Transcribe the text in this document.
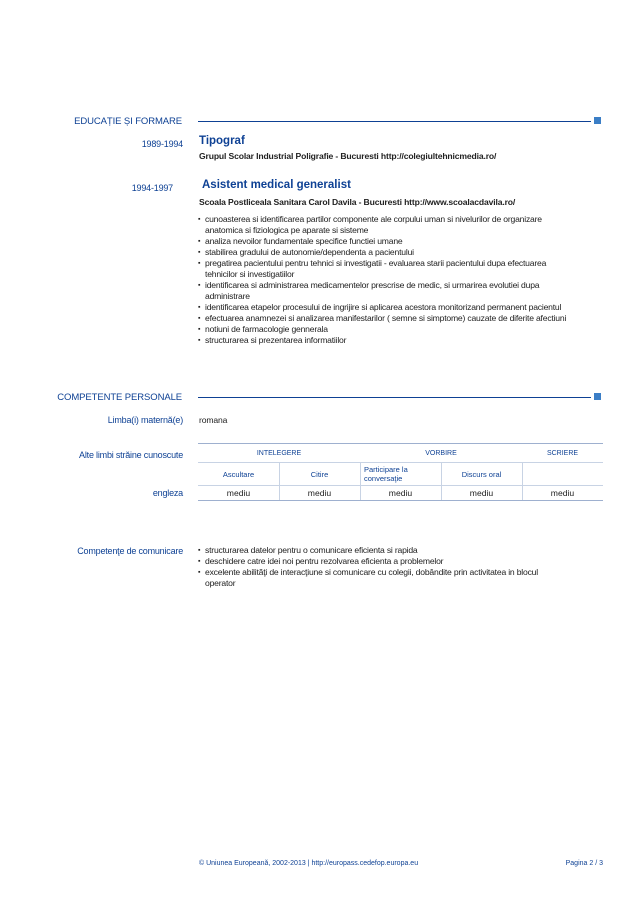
EDUCAȚIE ȘI FORMARE
1989-1994 Tipograf
Grupul Scolar Industrial Poligrafie - Bucuresti http://colegiultehnicmedia.ro/
1994-1997	Asistent medical generalist
Scoala Postliceala Sanitara Carol Davila - Bucuresti http://www.scoalacdavila.ro/
▪ cunoasterea si identificarea partilor componente ale corpului uman si nivelurilor de organizare
anatomica si fiziologica pe aparate si sisteme
▪ analiza nevoilor fundamentale specifice functiei umane
▪ stabilirea gradului de autonomie/dependenta a pacientului
▪ pregatirea pacientului pentru tehnici si investigatii - evaluarea starii pacientului dupa efectuarea
tehnicilor si investigatiilor
▪ identificarea si administrarea medicamentelor prescrise de medic, si urmarirea evolutiei dupa
administrare
▪ identificarea etapelor procesului de ingrijire si aplicarea acestora monitorizand permanent pacientul
▪ efectuarea anamnezei si analizarea manifestarilor ( semne si simptome) cauzate de diferite afectiuni
▪ notiuni de farmacologie gennerala
▪ structurarea si prezentarea informatiilor
COMPETENTE PERSONALE
Limba(i) maternă(e) romana
Alte limbi străine cunoscute	INTELEGERE	VORBIRE	SCRIERE
Ascultare	Citire	Participare la conversaţie	Discurs oral
engleza	mediu	mediu	mediu	mediu	mediu
Competenţe de comunicare
▪	structurarea datelor pentru o comunicare eficienta si rapida
▪ deschidere catre idei noi pentru rezolvarea eficienta a problemelor
▪ excelente abilităţi de interacţiune si comunicare cu colegii, dobândite prin activitatea in blocul
operator
© Uniunea Europeană, 2002-2013 | http://europass.cedefop.europa.eu	Pagina 2 / 3
